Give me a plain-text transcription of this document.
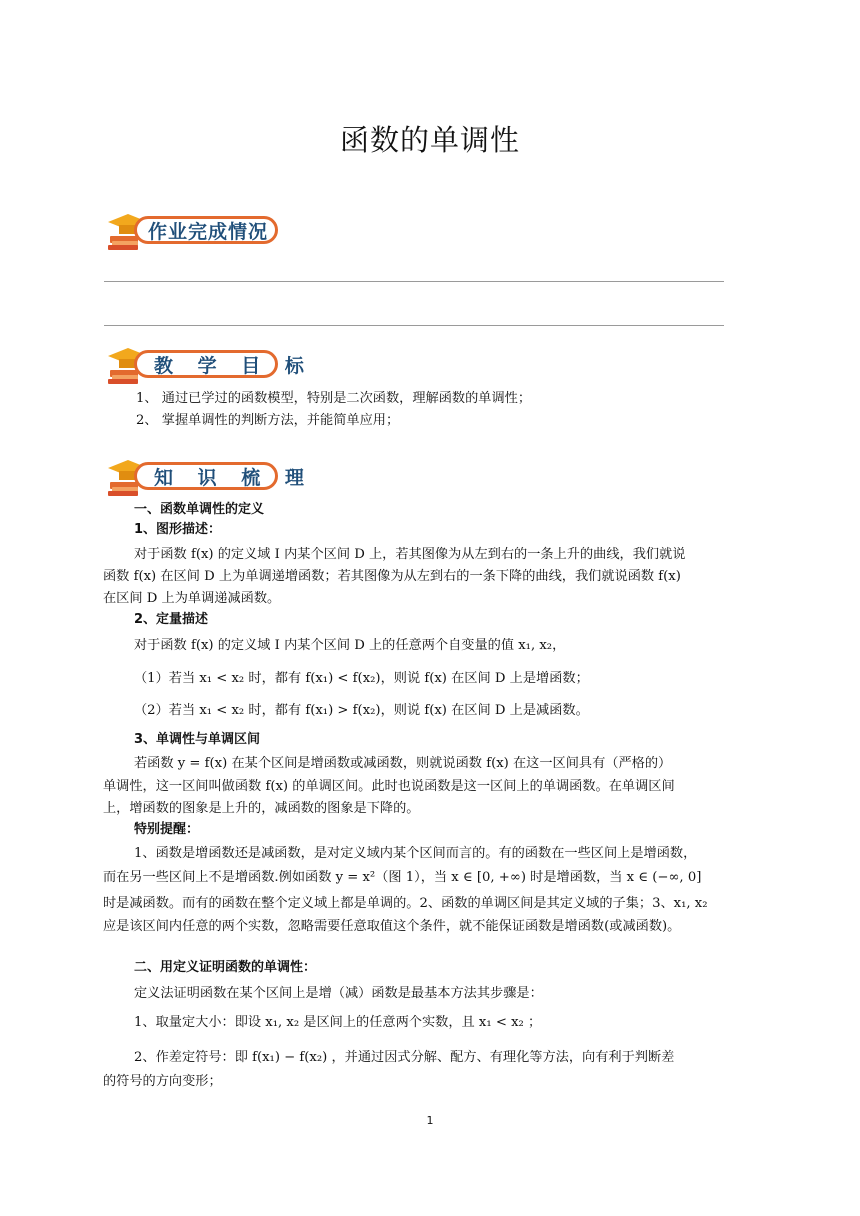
函数的单调性
作业完成情况
教 学 目 标
1、 通过已学过的函数模型，特别是二次函数，理解函数的单调性；
2、 掌握单调性的判断方法，并能简单应用；
知 识 梳 理
一、函数单调性的定义
1、图形描述：
对于函数 f(x) 的定义域 I 内某个区间 D 上，若其图像为从左到右的一条上升的曲线，我们就说
函数 f(x) 在区间 D 上为单调递增函数；若其图像为从左到右的一条下降的曲线，我们就说函数 f(x)
在区间 D 上为单调递减函数。
2、定量描述
对于函数 f(x) 的定义域 I 内某个区间 D 上的任意两个自变量的值 x₁, x₂，
（1）若当 x₁ < x₂ 时，都有 f(x₁) < f(x₂)，则说 f(x) 在区间 D 上是增函数；
（2）若当 x₁ < x₂ 时，都有 f(x₁) > f(x₂)，则说 f(x) 在区间 D 上是减函数。
3、单调性与单调区间
若函数 y = f(x) 在某个区间是增函数或减函数，则就说函数 f(x) 在这一区间具有（严格的）
单调性，这一区间叫做函数 f(x) 的单调区间。此时也说函数是这一区间上的单调函数。在单调区间
上，增函数的图象是上升的，减函数的图象是下降的。
特别提醒：
1、函数是增函数还是减函数，是对定义域内某个区间而言的。有的函数在一些区间上是增函数，
而在另一些区间上不是增函数.例如函数 y = x²（图 1），当 x ∈ [0, +∞) 时是增函数，当 x ∈ (−∞, 0]
时是减函数。而有的函数在整个定义域上都是单调的。2、函数的单调区间是其定义域的子集；3、x₁, x₂
应是该区间内任意的两个实数，忽略需要任意取值这个条件，就不能保证函数是增函数(或减函数)。
二、用定义证明函数的单调性：
定义法证明函数在某个区间上是增（减）函数是最基本方法其步骤是：
1、取量定大小：即设 x₁, x₂ 是区间上的任意两个实数，且 x₁ < x₂ ；
2、作差定符号：即 f(x₁) − f(x₂) ，并通过因式分解、配方、有理化等方法，向有利于判断差
的符号的方向变形；
1
